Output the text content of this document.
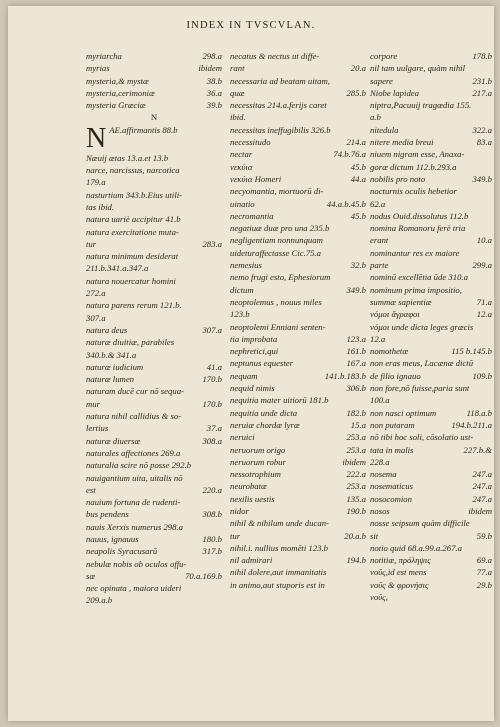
INDEX IN TVSCVLAN.
298.a
myriarcha
ibidem
myrias
38.b
mysteria,& mystæ
36.a
mysteria,cerimoniæ
39.b
mysteria Græciæ
N
NAE.affirmantis 88.b
Næuij ætas 13.a.et 13.b
narce, narcissus, narcotica
179.a
nasturtium 343.b.Eius utili-
tas ibid.
natura uariè accipitur 41.b
natura exercitatione muta-
283.a
tur
natura minimum desiderat
211.b.341.a.347.a
natura nouercatur homini
272.a
natura parens rerum 121.b.
307.a
307.a
natura deus
naturæ diuitiæ, parabiles
340.b.& 341.a
41.a
naturæ iudicium
170.b
naturæ lumen
naturam ducē cur nō sequa-
170.b
mur
natura nihil callidius & so-
37.a
lertius
308.a
naturæ diuersæ
naturales affectiones 269.a
naturalia scire nō posse 292.b
nauigantium uita, uitalis nō
220.a
est
nauium fortuna de rudenti-
308.b
bus pendens
nauis Xerxis numerus 298.a
180.b
nauus, ignauus
317.b
neapolis Syracusarū
nebulæ nobis ob oculos offu-
70.a.169.b
sæ
nec opinata , maiora uideri
209.a.b
necatus & nectus ut diffe-
20.a
rant
necessaria ad beatam uitam,
285.b
quæ
necessitas 214.a.ferijs caret
ibid.
necessitas ineffugibilis 326.b
214.a
necessitudo
74.b.76.a
nectar
45.b
νεκύια
44.a
νεκύια Homeri
necyomantia, mortuorū di-
44.a.b.45.b
uinatio
45.b
necromantia
negatiuæ duæ pro una 235.b
negligentiam nonnunquam
uideturaffectasse Cic.75.a
32.b
nemesius
nemo frugi esto, Ephesiorum
349.b
dictum
neoptolemus , nouus miles
123.b
neoptolemi Enniani senten-
123.a
tia improbata
161.b
nephretici,qui
167.a
neptunus equester
141.b.183.b
nequam
306.b
nequid nimis
nequitia mater uitiorū 181.b
182.b
nequitia unde dicta
15.a
neruiæ chordæ lyræ
253.a
neruici
253.a
neruorum origo
ibidem
neruorum robur
222.a
nessotrophium
253.a
neurobatæ
135.a
nexilis uestis
190.b
nidor
nihil & nihilum unde ducan-
20.a.b
tur
nihil.i. nullius momēti 123.b
194.b
nil admirari
nihil dolere,aut immanitatis
in animo,aut stuporis est in
178.b
corpore
nil tam uulgare, quàm nihil
231.b
sapere
217.a
Niobe lapidea
niptra,Pacuuij tragœdia 155.
a.b
322.a
nitedula
83.a
nitere media breui
niuem nigram esse, Anaxa-
goræ dictum 112.b.293.a
349.b
nobilis pro noto
nocturnis oculis hebetior
62.a
nodus Ouid.dissolutus 112.b
nomina Romanoru ferè tria
10.a
erant
nominantur res ex maiore
299.a
parte
nominū excellētia ūde 310.a
nominum prima impositio,
71.a
summæ sapientiæ
12.a
νόμοι ἄγραφοι
νόμοι unde dicta leges græcis
12.a
115 b.145.b
nomothetæ
non eras meus, Lacænæ dictū
109.b
de filio ignauo
non fore,nō fuisse,paria sunt
100.a
118.a.b
non nasci optimum
194.b.211.a
non putaram
nō tibi hoc soli, cōsolatio ust-
227.b.&
tata in malis
228.a
247.a
nosema
247.a
nosematicus
247.a
nosocomion
ibidem
nosos
nosse seipsum quàm difficile
59.b
sit
notio quid 68.a.99.a.267.a
69.a
notitiæ, πρόληψις
77.a
νοῦς,id est mens
29.b
νοῦς & φρονήσις
νοῦς,
